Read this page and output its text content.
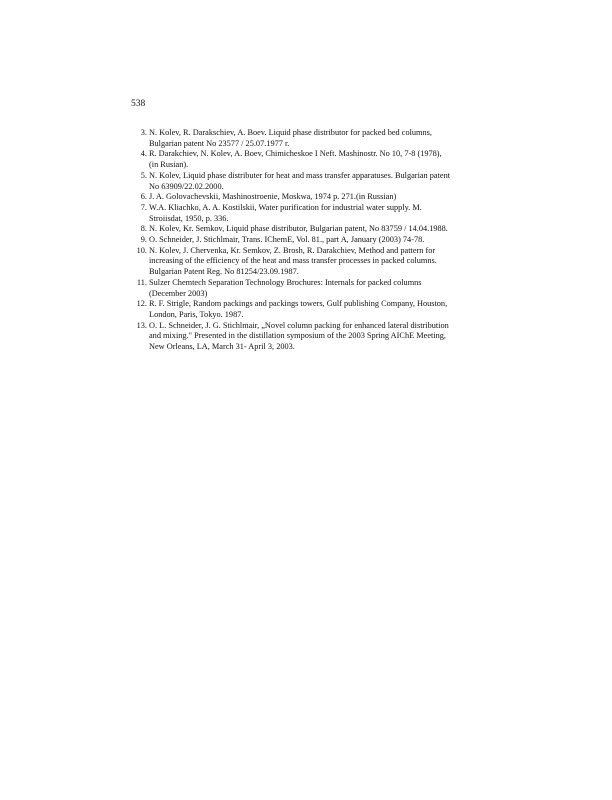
538
3. N. Kolev, R. Darakschiev, A. Boev. Liquid phase distributor for packed bed columns,
Bulgarian patent No 23577 / 25.07.1977 r.
4. R. Darakchiev, N. Kolev, A. Boev, Chimicheskoe I Neft. Mashinostr. No 10, 7-8 (1978),
(in Rusian).
5. N. Kolev, Liquid phase distributer for heat and mass transfer apparatuses. Bulgarian patent
No 63909/22.02.2000.
6. J. A. Golovachevskii, Mashinostroenie, Moskwa, 1974 p. 271.(in Russian)
7. W.A. Kliachko, A. A. Kostilskii, Water purification for industrial water supply. M.
Stroiisdat, 1950, p. 336.
8. N. Kolev, Kr. Semkov, Liquid phase distributor, Bulgarian patent, No 83759 / 14.04.1988.
9. O. Schneider, J. Stichlmair, Trans. IChemE, Vol. 81., part A, January (2003) 74-78.
10. N. Kolev, J. Chervenka, Kr. Semkov, Z. Brosh, R. Darakchiev, Method and pattern for
increasing of the efficiency of the heat and mass transfer processes in packed columns.
Bulgarian Patent Reg. No 81254/23.09.1987.
11. Sulzer Chemtech Separation Technology Brochures: Internals for packed columns
(December 2003)
12. R. F. Strigle, Random packings and packings towers, Gulf publishing Company, Houston,
London, Paris, Tokyo. 1987.
13. O. L. Schneider, J. G. Stichlmair, „Novel column packing for enhanced lateral distribution
and mixing." Presented in the distillation symposium of the 2003 Spring AIChE Meeting,
New Orleans, LA, March 31- April 3, 2003.
